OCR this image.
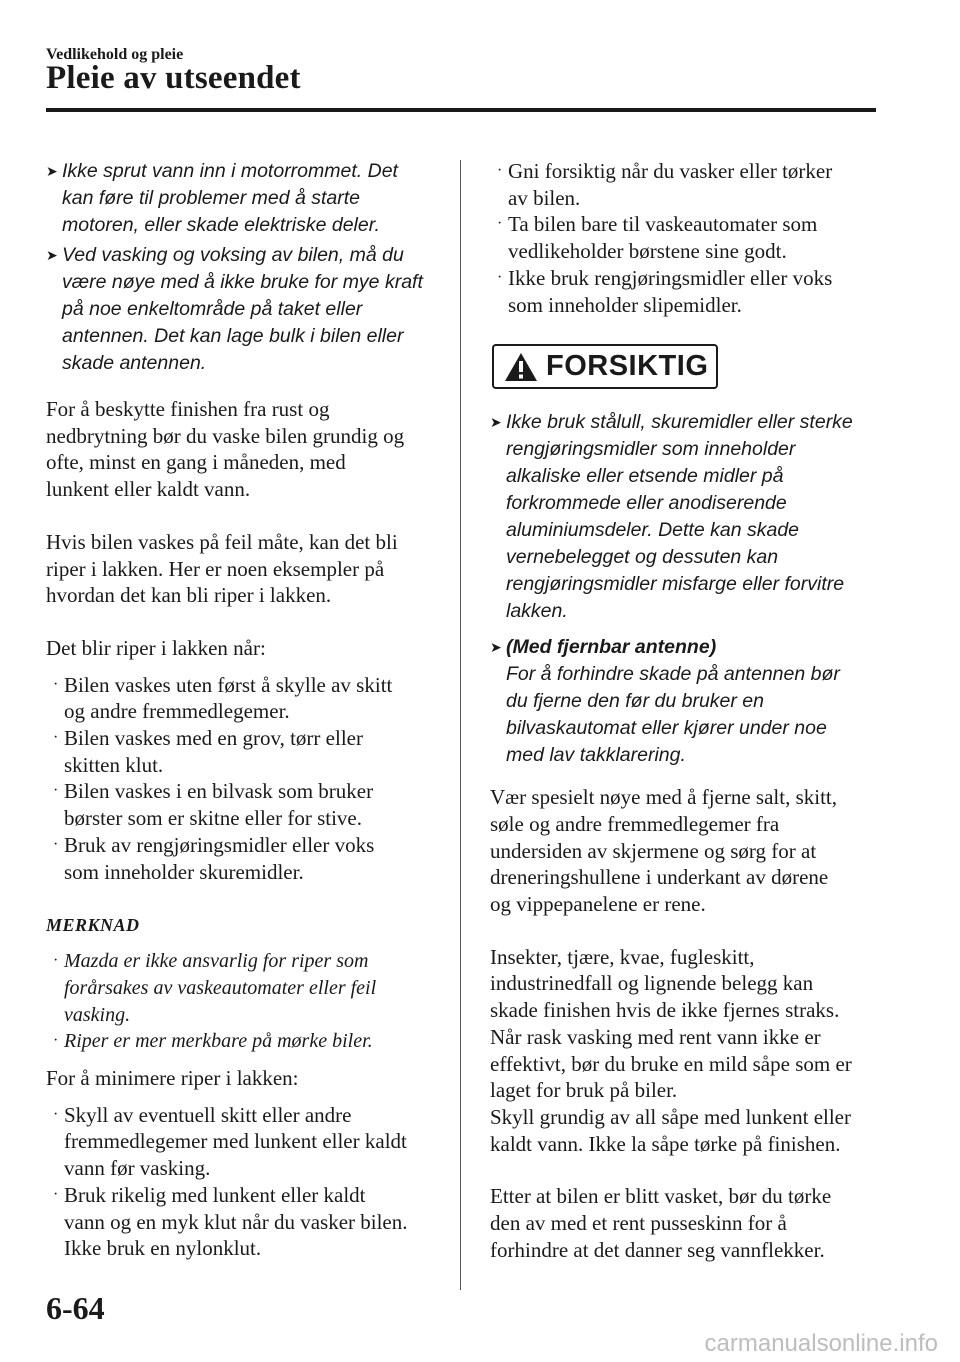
Vedlikehold og pleie
Pleie av utseendet
➤ Ikke sprut vann inn i motorrommet. Det
kan føre til problemer med å starte
motoren, eller skade elektriske deler.
➤ Ved vasking og voksing av bilen, må du
være nøye med å ikke bruke for mye kraft
på noe enkeltområde på taket eller
antennen. Det kan lage bulk i bilen eller
skade antennen.
For å beskytte finishen fra rust og
nedbrytning bør du vaske bilen grundig og
ofte, minst en gang i måneden, med
lunkent eller kaldt vann.
Hvis bilen vaskes på feil måte, kan det bli
riper i lakken. Her er noen eksempler på
hvordan det kan bli riper i lakken.
Det blir riper i lakken når:
· Bilen vaskes uten først å skylle av skitt
og andre fremmedlegemer.
· Bilen vaskes med en grov, tørr eller
skitten klut.
· Bilen vaskes i en bilvask som bruker
børster som er skitne eller for stive.
· Bruk av rengjøringsmidler eller voks
som inneholder skuremidler.
MERKNAD
· Mazda er ikke ansvarlig for riper som
forårsakes av vaskeautomater eller feil
vasking.
· Riper er mer merkbare på mørke biler.
For å minimere riper i lakken:
· Skyll av eventuell skitt eller andre
fremmedlegemer med lunkent eller kaldt
vann før vasking.
· Bruk rikelig med lunkent eller kaldt
vann og en myk klut når du vasker bilen.
Ikke bruk en nylonklut.
· Gni forsiktig når du vasker eller tørker
av bilen.
· Ta bilen bare til vaskeautomater som
vedlikeholder børstene sine godt.
· Ikke bruk rengjøringsmidler eller voks
som inneholder slipemidler.
FORSIKTIG
➤ Ikke bruk stålull, skuremidler eller sterke
rengjøringsmidler som inneholder
alkaliske eller etsende midler på
forkrommede eller anodiserende
aluminiumsdeler. Dette kan skade
vernebelegget og dessuten kan
rengjøringsmidler misfarge eller forvitre
lakken.
➤ (Med fjernbar antenne)
For å forhindre skade på antennen bør
du fjerne den før du bruker en
bilvaskautomat eller kjører under noe
med lav takklarering.
Vær spesielt nøye med å fjerne salt, skitt,
søle og andre fremmedlegemer fra
undersiden av skjermene og sørg for at
dreneringshullene i underkant av dørene
og vippepanelene er rene.
Insekter, tjære, kvae, fugleskitt,
industrinedfall og lignende belegg kan
skade finishen hvis de ikke fjernes straks.
Når rask vasking med rent vann ikke er
effektivt, bør du bruke en mild såpe som er
laget for bruk på biler.
Skyll grundig av all såpe med lunkent eller
kaldt vann. Ikke la såpe tørke på finishen.
Etter at bilen er blitt vasket, bør du tørke
den av med et rent pusseskinn for å
forhindre at det danner seg vannflekker.
6-64
carmanualsonline.info
